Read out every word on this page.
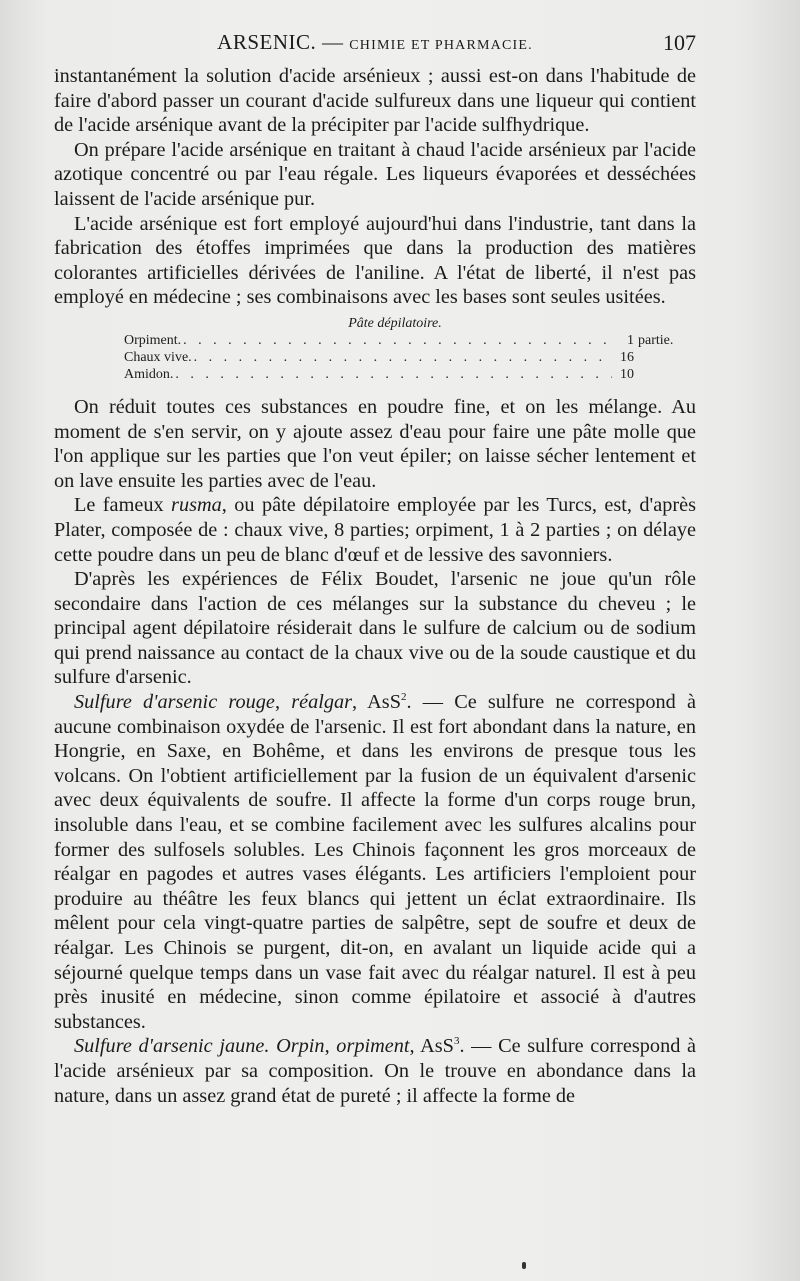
ARSENIC. — CHIMIE ET PHARMACIE.	107

instantanément la solution d'acide arsénieux ; aussi est-on dans l'habitude de faire d'abord passer un courant d'acide sulfureux dans une liqueur qui contient de l'acide arsénique avant de la précipiter par l'acide sulfhydrique.

On prépare l'acide arsénique en traitant à chaud l'acide arsénieux par l'acide azotique concentré ou par l'eau régale. Les liqueurs évaporées et desséchées laissent de l'acide arsénique pur.

L'acide arsénique est fort employé aujourd'hui dans l'industrie, tant dans la fabrication des étoffes imprimées que dans la production des matières colorantes artificielles dérivées de l'aniline. A l'état de liberté, il n'est pas employé en médecine ; ses combinaisons avec les bases sont seules usitées.

Pâte dépilatoire.
Orpiment. . . .	1 partie.
Chaux vive. . . .	16
Amidon. . . .	10

On réduit toutes ces substances en poudre fine, et on les mélange. Au moment de s'en servir, on y ajoute assez d'eau pour faire une pâte molle que l'on applique sur les parties que l'on veut épiler; on laisse sécher lentement et on lave ensuite les parties avec de l'eau.

Le fameux rusma, ou pâte dépilatoire employée par les Turcs, est, d'après Plater, composée de : chaux vive, 8 parties; orpiment, 1 à 2 parties ; on délaye cette poudre dans un peu de blanc d'œuf et de lessive des savonniers.

D'après les expériences de Félix Boudet, l'arsenic ne joue qu'un rôle secondaire dans l'action de ces mélanges sur la substance du cheveu ; le principal agent dépilatoire résiderait dans le sulfure de calcium ou de sodium qui prend naissance au contact de la chaux vive ou de la soude caustique et du sulfure d'arsenic.

Sulfure d'arsenic rouge, réalgar, AsS$^2$. — Ce sulfure ne correspond à aucune combinaison oxydée de l'arsenic. Il est fort abondant dans la nature, en Hongrie, en Saxe, en Bohême, et dans les environs de presque tous les volcans. On l'obtient artificiellement par la fusion de un équivalent d'arsenic avec deux équivalents de soufre. Il affecte la forme d'un corps rouge brun, insoluble dans l'eau, et se combine facilement avec les sulfures alcalins pour former des sulfosels solubles. Les Chinois façonnent les gros morceaux de réalgar en pagodes et autres vases élégants. Les artificiers l'emploient pour produire au théâtre les feux blancs qui jettent un éclat extraordinaire. Ils mêlent pour cela vingt-quatre parties de salpêtre, sept de soufre et deux de réalgar. Les Chinois se purgent, dit-on, en avalant un liquide acide qui a séjourné quelque temps dans un vase fait avec du réalgar naturel. Il est à peu près inusité en médecine, sinon comme épilatoire et associé à d'autres substances.

Sulfure d'arsenic jaune. Orpin, orpiment, AsS$^3$. — Ce sulfure correspond à l'acide arsénieux par sa composition. On le trouve en abondance dans la nature, dans un assez grand état de pureté ; il affecte la forme de
